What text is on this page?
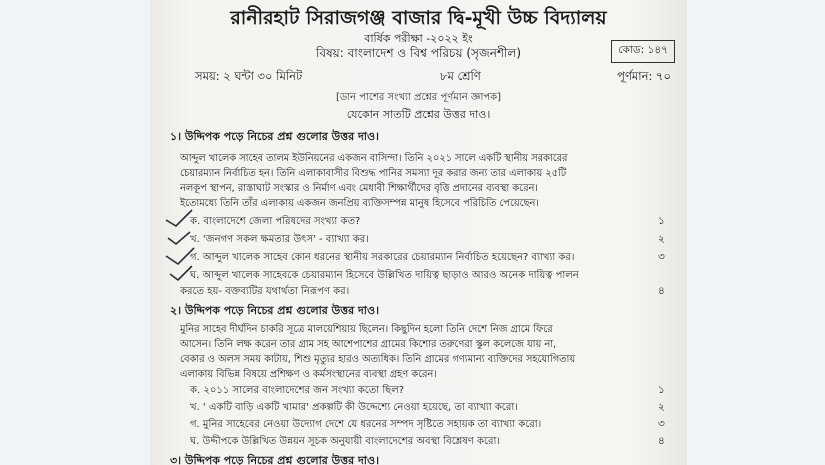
রানীরহাট সিরাজগঞ্জ বাজার দ্বি-মূখী উচ্চ বিদ্যালয়
বার্ষিক পরীক্ষা -২০২২ ইং
বিষয়: বাংলাদেশ ও বিশ্ব পরিচয় (সৃজনশীল)	কোড: ১৪৭
সময়: ২ ঘন্টা ৩০ মিনিট	৮ম শ্রেণি	পূর্ণমান: ৭০
[ডান পাশের সংখ্যা প্রশ্নের পূর্ণমান জ্ঞাপক]
যেকোন সাতটি প্রশ্নের উত্তর দাও।
১। উদ্দিপক পড়ে নিচের প্রশ্ন গুলোর উত্তর দাও।
আব্দুল খালেক সাহেব তালম ইউনিয়নের একজন বাসিন্দা। তিনি ২০২১ সালে একটি স্থানীয় সরকারের
চেয়ারম্যান নির্বাচিত হন। তিনি এলাকাবাসীর বিশুদ্ধ পানির সমস্যা দূর করার জন্য তার এলাকায় ২৫টি
নলকূপ স্থাপন, রাস্তাঘাট সংস্কার ও নির্মাণ এবং মেধাবী শিক্ষার্থীদের বৃত্তি প্রদানের ব্যবস্থা করেন।
ইতোমধ্যে তিনি তাঁর এলাকায় একজন জনপ্রিয় ব্যক্তিসম্পন্ন মানুষ হিসেবে পরিচিতি পেয়েছেন।
ক. বাংলাদেশে জেলা পরিষদের সংখ্যা কত?	১
খ. 'জনগণ সকল ক্ষমতার উৎস' - ব্যাখ্যা কর।	২
গ. আব্দুল খালেক সাহেব কোন ধরনের স্থানীয় সরকারের চেয়ারম্যান নির্বাচিত হয়েছেন? ব্যাখ্যা কর।	৩
ঘ. আব্দুল খালেক সাহেবকে চেয়ারম্যান হিসেবে উল্লিখিত দায়িত্ব ছাড়াও আরও অনেক দায়িত্ব পালন
করতে হয়- বক্তব্যটির যথার্থতা নিরূপণ কর।	৪
২। উদ্দিপক পড়ে নিচের প্রশ্ন গুলোর উত্তর দাও।
মুনির সাহেব দীর্ঘদিন চাকরি সূত্রে মালয়েশিয়ায় ছিলেন। কিছুদিন হলো তিনি দেশে নিজ গ্রামে ফিরে
আসেন। তিনি লক্ষ করেন তার গ্রাম সহ আশেপাশের গ্রামের কিশোর তরুণেরা স্কুল কলেজে যায় না,
বেকার ও অলস সময় কাটায়, শিশু মৃত্যুর হারও অত্যধিক। তিনি গ্রামের গণ্যমান্য ব্যক্তিদের সহযোগিতায়
এলাকায় বিভিন্ন বিষয়ে প্রশিক্ষণ ও কর্মসংস্থানের ব্যবস্থা গ্রহণ করেন।
ক. ২০১১ সালের বাংলাদেশের জন সংখ্যা কতো ছিল?	১
খ. ' একটি বাড়ি একটি খামার' প্রকল্পটি কী উদ্দেশ্যে নেওয়া হয়েছে, তা ব্যাখ্যা করো।	২
গ. মুনির সাহেবের নেওয়া উদ্যোগ দেশে যে ধরনের সম্পদ সৃষ্টিতে সহায়ক তা ব্যাখ্যা করো।	৩
ঘ. উদ্দীপকে উল্লিখিত উন্নয়ন সূচক অনুযায়ী বাংলাদেশের অবস্থা বিশ্লেষণ করো।	৪
৩। উদ্দিপক পড়ে নিচের প্রশ্ন গুলোর উত্তর দাও।
